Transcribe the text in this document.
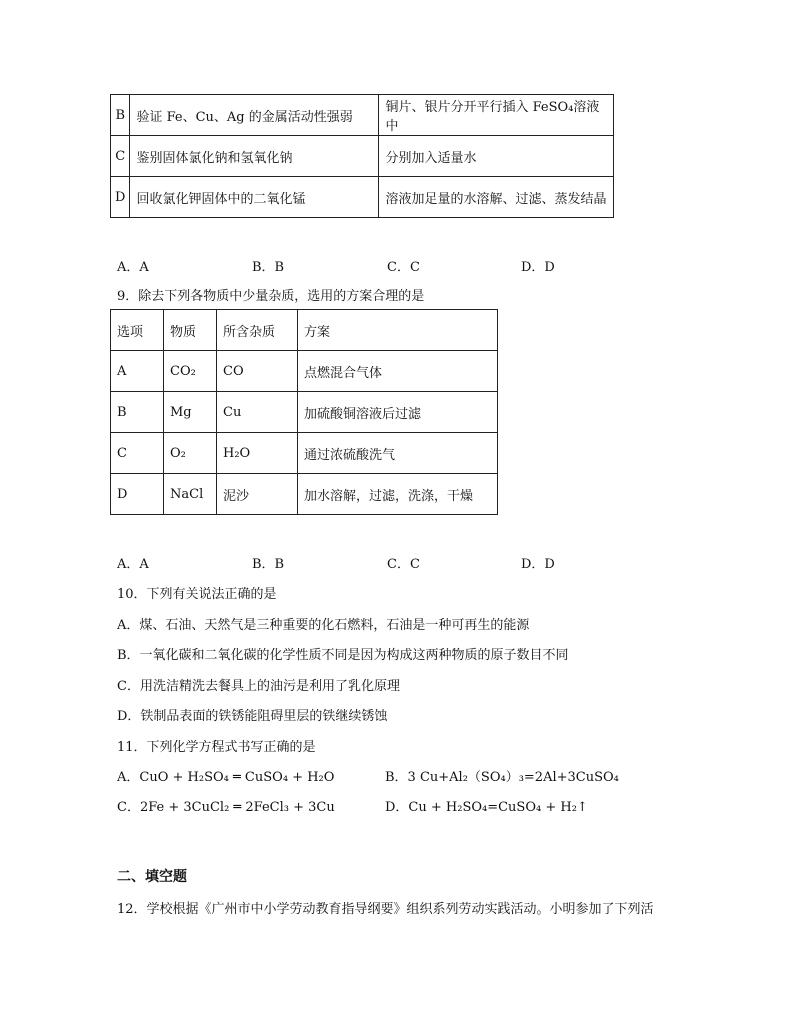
B	验证 Fe、Cu、Ag 的金属活动性强弱	铜片、银片分开平行插入 FeSO₄溶液中
C	鉴别固体氯化钠和氢氧化钠	分别加入适量水
D	回收氯化钾固体中的二氧化锰	溶液加足量的水溶解、过滤、蒸发结晶
A．A	B．B	C．C	D．D
9．除去下列各物质中少量杂质，选用的方案合理的是
选项	物质	所含杂质	方案
A	CO₂	CO	点燃混合气体
B	Mg	Cu	加硫酸铜溶液后过滤
C	O₂	H₂O	通过浓硫酸洗气
D	NaCl	泥沙	加水溶解，过滤，洗涤，干燥
A．A	B．B	C．C	D．D
10．下列有关说法正确的是
A．煤、石油、天然气是三种重要的化石燃料，石油是一种可再生的能源
B．一氧化碳和二氧化碳的化学性质不同是因为构成这两种物质的原子数目不同
C．用洗洁精洗去餐具上的油污是利用了乳化原理
D．铁制品表面的铁锈能阻碍里层的铁继续锈蚀
11．下列化学方程式书写正确的是
A．CuO + H₂SO₄ ═ CuSO₄ + H₂O	B．3 Cu+Al₂（SO₄）₃=2Al+3CuSO₄
C．2Fe + 3CuCl₂ ═ 2FeCl₃ + 3Cu	D．Cu + H₂SO₄=CuSO₄ + H₂↑
二、填空题
12．学校根据《广州市中小学劳动教育指导纲要》组织系列劳动实践活动。小明参加了下列活
